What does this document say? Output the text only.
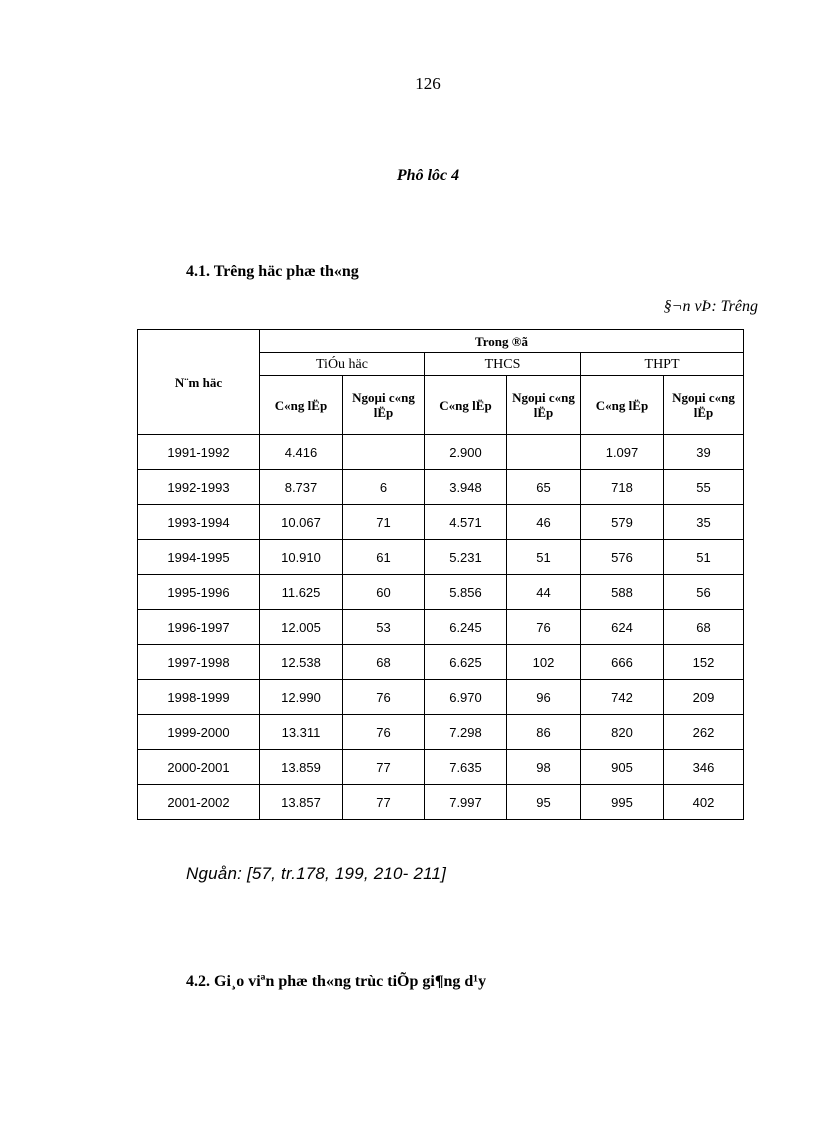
126
Phô lôc 4
4.1. Trêng häc phæ th«ng
§¬n vÞ: Trêng
N¨m häc	Trong ®ã					
	TiÓu häc		THCS		THPT	
	C«ng lËp	Ngoµi c«ng lËp	C«ng lËp	Ngoµi c«ng lËp	C«ng lËp	Ngoµi c«ng lËp
1991-1992	4.416		2.900		1.097	39
1992-1993	8.737	6	3.948	65	718	55
1993-1994	10.067	71	4.571	46	579	35
1994-1995	10.910	61	5.231	51	576	51
1995-1996	11.625	60	5.856	44	588	56
1996-1997	12.005	53	6.245	76	624	68
1997-1998	12.538	68	6.625	102	666	152
1998-1999	12.990	76	6.970	96	742	209
1999-2000	13.311	76	7.298	86	820	262
2000-2001	13.859	77	7.635	98	905	346
2001-2002	13.857	77	7.997	95	995	402
Nguån: [57, tr.178, 199, 210- 211]
4.2. Gi¸o viªn phæ th«ng trùc tiÕp gi¶ng d¹y
